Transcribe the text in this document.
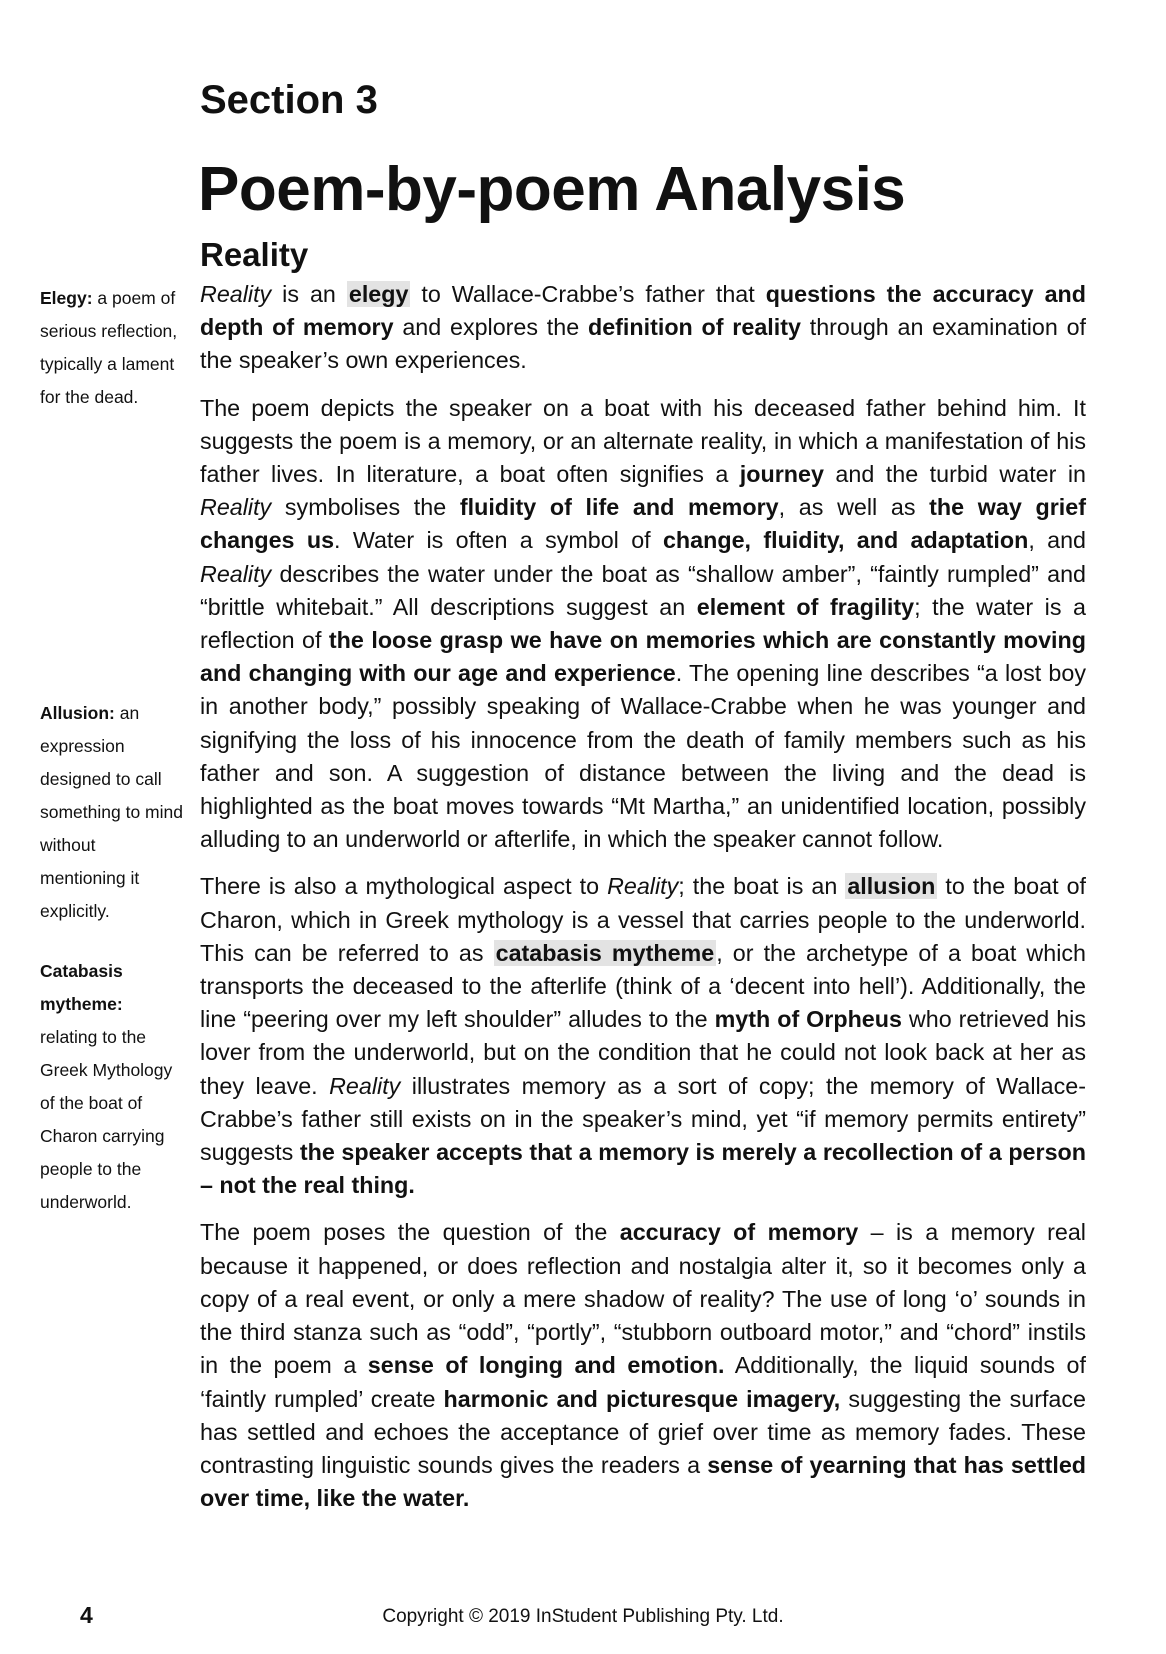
Section 3
Poem-by-poem Analysis
Reality
Elegy: a poem of serious reflection, typically a lament for the dead.
Allusion: an expression designed to call something to mind without mentioning it explicitly.
Catabasis mytheme: relating to the Greek Mythology of the boat of Charon carrying people to the underworld.

Reality is an elegy to Wallace-Crabbe’s father that questions the accuracy and depth of memory and explores the definition of reality through an examination of the speaker’s own experiences.

The poem depicts the speaker on a boat with his deceased father behind him. It suggests the poem is a memory, or an alternate reality, in which a manifestation of his father lives. In literature, a boat often signifies a journey and the turbid water in Reality symbolises the fluidity of life and memory, as well as the way grief changes us. Water is often a symbol of change, fluidity, and adaptation, and Reality describes the water under the boat as “shallow amber”, “faintly rumpled” and “brittle whitebait.” All descriptions suggest an element of fragility; the water is a reflection of the loose grasp we have on memories which are constantly moving and changing with our age and experience. The opening line describes “a lost boy in another body,” possibly speaking of Wallace-Crabbe when he was younger and signifying the loss of his innocence from the death of family members such as his father and son. A suggestion of distance between the living and the dead is highlighted as the boat moves towards “Mt Martha,” an unidentified location, possibly alluding to an underworld or afterlife, in which the speaker cannot follow.

There is also a mythological aspect to Reality; the boat is an allusion to the boat of Charon, which in Greek mythology is a vessel that carries people to the underworld. This can be referred to as catabasis mytheme, or the archetype of a boat which transports the deceased to the afterlife (think of a ‘decent into hell’). Additionally, the line “peering over my left shoulder” alludes to the myth of Orpheus who retrieved his lover from the underworld, but on the condition that he could not look back at her as they leave. Reality illustrates memory as a sort of copy; the memory of Wallace-Crabbe’s father still exists on in the speaker’s mind, yet “if memory permits entirety” suggests the speaker accepts that a memory is merely a recollection of a person – not the real thing.

The poem poses the question of the accuracy of memory – is a memory real because it happened, or does reflection and nostalgia alter it, so it becomes only a copy of a real event, or only a mere shadow of reality? The use of long ‘o’ sounds in the third stanza such as “odd”, “portly”, “stubborn outboard motor,” and “chord” instils in the poem a sense of longing and emotion. Additionally, the liquid sounds of ‘faintly rumpled’ create harmonic and picturesque imagery, suggesting the surface has settled and echoes the acceptance of grief over time as memory fades. These contrasting linguistic sounds gives the readers a sense of yearning that has settled over time, like the water.

4	Copyright © 2019 InStudent Publishing Pty. Ltd.
